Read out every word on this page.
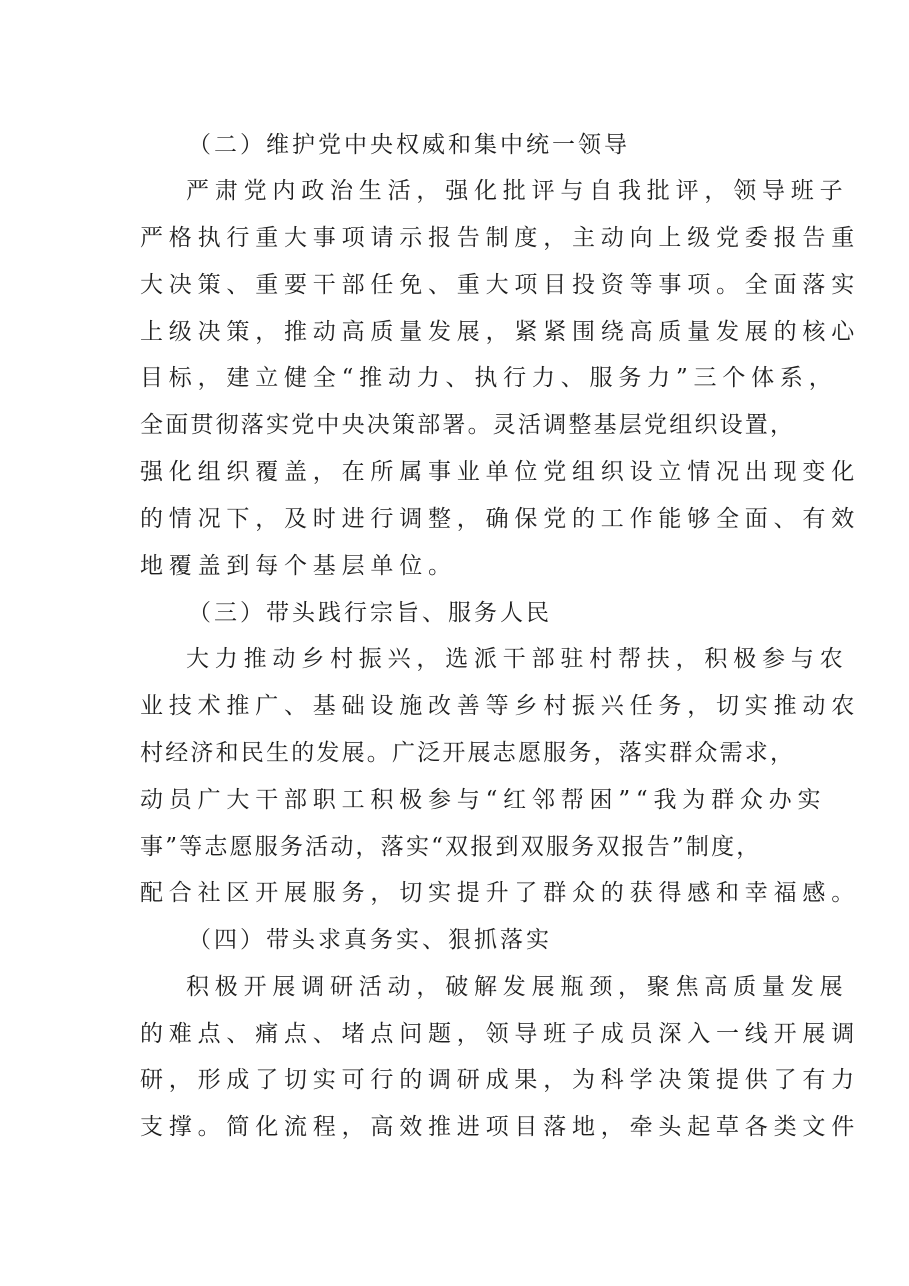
（二）维护党中央权威和集中统一领导
严肃党内政治生活，强化批评与自我批评，领导班子
严格执行重大事项请示报告制度，主动向上级党委报告重
大决策、重要干部任免、重大项目投资等事项。全面落实
上级决策，推动高质量发展，紧紧围绕高质量发展的核心
目标，建立健全“推动力、执行力、服务力”三个体系，
全面贯彻落实党中央决策部署。灵活调整基层党组织设置，
强化组织覆盖，在所属事业单位党组织设立情况出现变化
的情况下，及时进行调整，确保党的工作能够全面、有效
地覆盖到每个基层单位。
（三）带头践行宗旨、服务人民
大力推动乡村振兴，选派干部驻村帮扶，积极参与农
业技术推广、基础设施改善等乡村振兴任务，切实推动农
村经济和民生的发展。广泛开展志愿服务，落实群众需求，
动员广大干部职工积极参与“红邻帮困”“我为群众办实
事”等志愿服务活动，落实“双报到双服务双报告”制度，
配合社区开展服务，切实提升了群众的获得感和幸福感。
（四）带头求真务实、狠抓落实
积极开展调研活动，破解发展瓶颈，聚焦高质量发展
的难点、痛点、堵点问题，领导班子成员深入一线开展调
研，形成了切实可行的调研成果，为科学决策提供了有力
支撑。简化流程，高效推进项目落地，牵头起草各类文件
